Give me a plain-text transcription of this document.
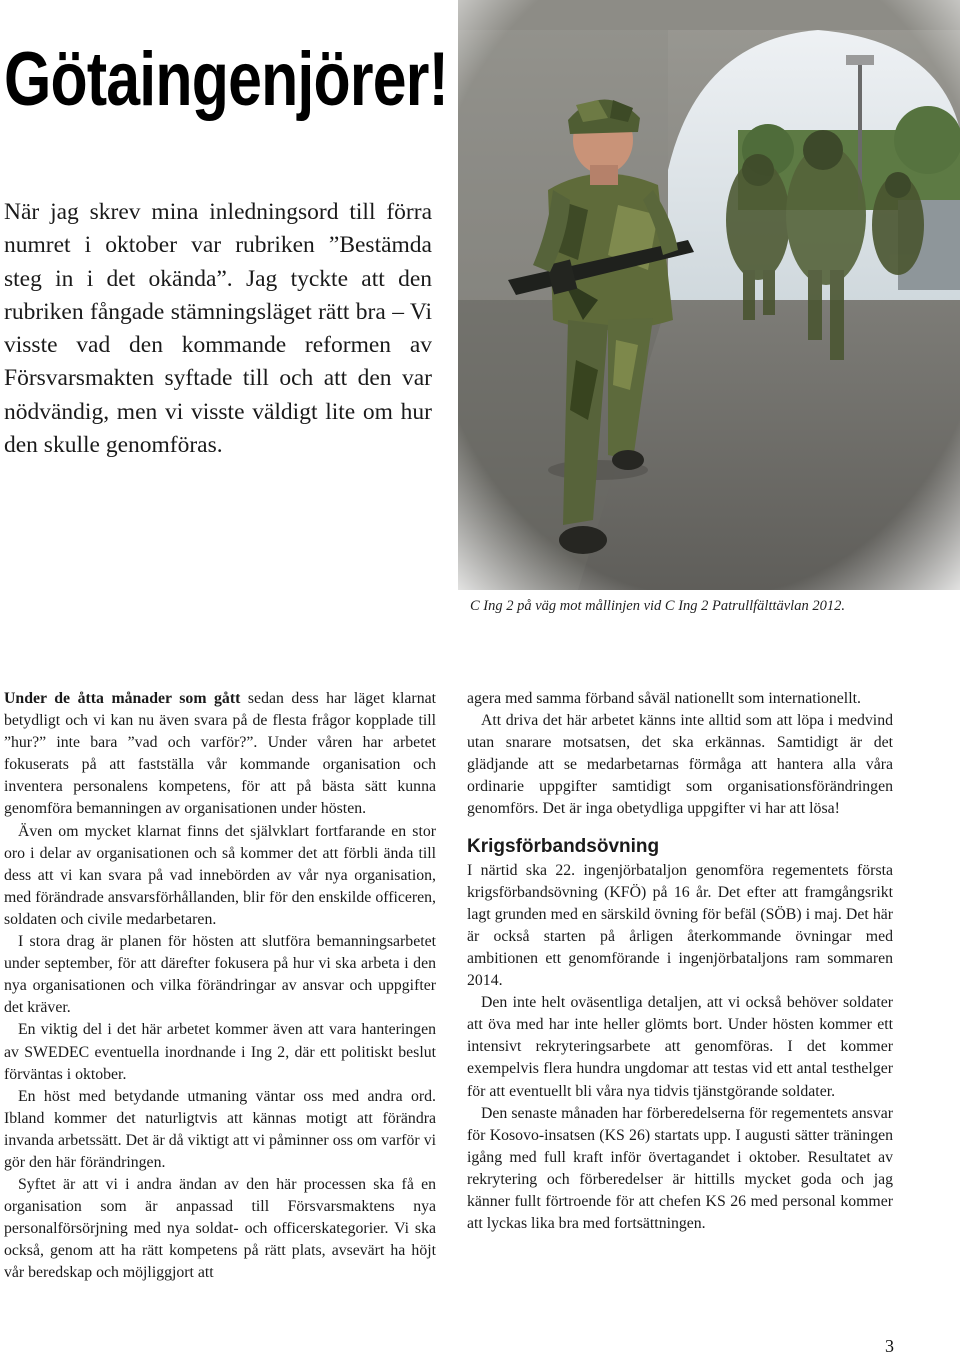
Götaingenjörer!

När jag skrev mina inledningsord till förra numret i oktober var rubriken ”Bestämda steg in i det okända”. Jag tyckte att den rubriken fångade stämningsläget rätt bra – Vi visste vad den kommande reformen av Försvarsmakten syftade till och att den var nödvändig, men vi visste väldigt lite om hur den skulle genomföras.

C Ing 2 på väg mot mållinjen vid C Ing 2 Patrullfälttävlan 2012.

Under de åtta månader som gått sedan dess har läget klarnat betydligt och vi kan nu även svara på de flesta frågor kopplade till ”hur?” inte bara ”vad och varför?”. Under våren har arbetet fokuserats på att fastställa vår kommande organisation och inventera personalens kompetens, för att på bästa sätt kunna genomföra bemanningen av organisationen under hösten.

Även om mycket klarnat finns det självklart fortfarande en stor oro i delar av organisationen och så kommer det att förbli ända till dess att vi kan svara på vad innebörden av vår nya organisation, med förändrade ansvarsförhållanden, blir för den enskilde officeren, soldaten och civile medarbetaren.

I stora drag är planen för hösten att slutföra bemanningsarbetet under september, för att därefter fokusera på hur vi ska arbeta i den nya organisationen och vilka förändringar av ansvar och uppgifter det kräver.

En viktig del i det här arbetet kommer även att vara hanteringen av SWEDEC eventuella inordnande i Ing 2, där ett politiskt beslut förväntas i oktober.

En höst med betydande utmaning väntar oss med andra ord. Ibland kommer det naturligtvis att kännas motigt att förändra invanda arbetssätt. Det är då viktigt att vi påminner oss om varför vi gör den här förändringen.

Syftet är att vi i andra ändan av den här processen ska få en organisation som är anpassad till Försvarsmaktens nya personalförsörjning med nya soldat- och officerskategorier. Vi ska också, genom att ha rätt kompetens på rätt plats, avsevärt ha höjt vår beredskap och möjliggjort att

agera med samma förband såväl nationellt som internationellt.

Att driva det här arbetet känns inte alltid som att löpa i medvind utan snarare motsatsen, det ska erkännas. Samtidigt är det glädjande att se medarbetarnas förmåga att hantera alla våra ordinarie uppgifter samtidigt som organisationsförändringen genomförs. Det är inga obetydliga uppgifter vi har att lösa!

Krigsförbandsövning

I närtid ska 22. ingenjörbataljon genomföra regementets första krigsförbandsövning (KFÖ) på 16 år. Det efter att framgångsrikt lagt grunden med en särskild övning för befäl (SÖB) i maj. Det här är också starten på årligen återkommande övningar med ambitionen ett genomförande i ingenjörbataljons ram sommaren 2014.

Den inte helt oväsentliga detaljen, att vi också behöver soldater att öva med har inte heller glömts bort. Under hösten kommer ett intensivt rekryteringsarbete att genomföras. I det kommer exempelvis flera hundra ungdomar att testas vid ett antal testhelger för att eventuellt bli våra nya tidvis tjänstgörande soldater.

Den senaste månaden har förberedelserna för regementets ansvar för Kosovo-insatsen (KS 26) startats upp. I augusti sätter träningen igång med full kraft inför övertagandet i oktober. Resultatet av rekrytering och förberedelser är hittills mycket goda och jag känner fullt förtroende för att chefen KS 26 med personal kommer att lyckas lika bra med fortsättningen.

3
